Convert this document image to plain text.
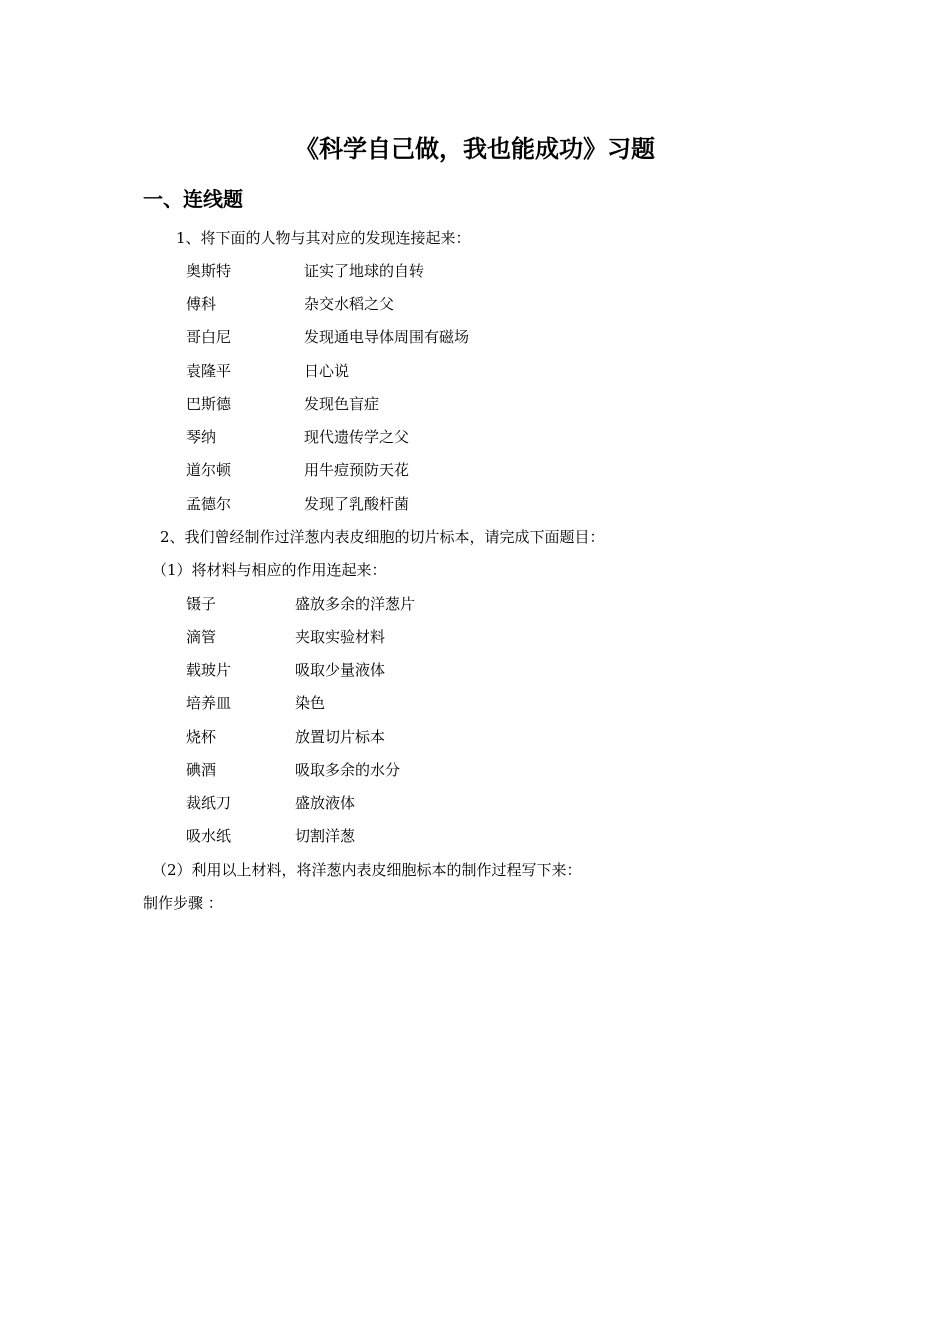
《科学自己做，我也能成功》习题
一、连线题
1、将下面的人物与其对应的发现连接起来：
奥斯特	证实了地球的自转
傅科	杂交水稻之父
哥白尼	发现通电导体周围有磁场
袁隆平	日心说
巴斯德	发现色盲症
琴纳	现代遗传学之父
道尔顿	用牛痘预防天花
孟德尔	发现了乳酸杆菌
2、我们曾经制作过洋葱内表皮细胞的切片标本，请完成下面题目：
（1）将材料与相应的作用连起来：
镊子	盛放多余的洋葱片
滴管	夹取实验材料
载玻片	吸取少量液体
培养皿	染色
烧杯	放置切片标本
碘酒	吸取多余的水分
裁纸刀	盛放液体
吸水纸	切割洋葱
（2）利用以上材料，将洋葱内表皮细胞标本的制作过程写下来：
制作步骤 ：
